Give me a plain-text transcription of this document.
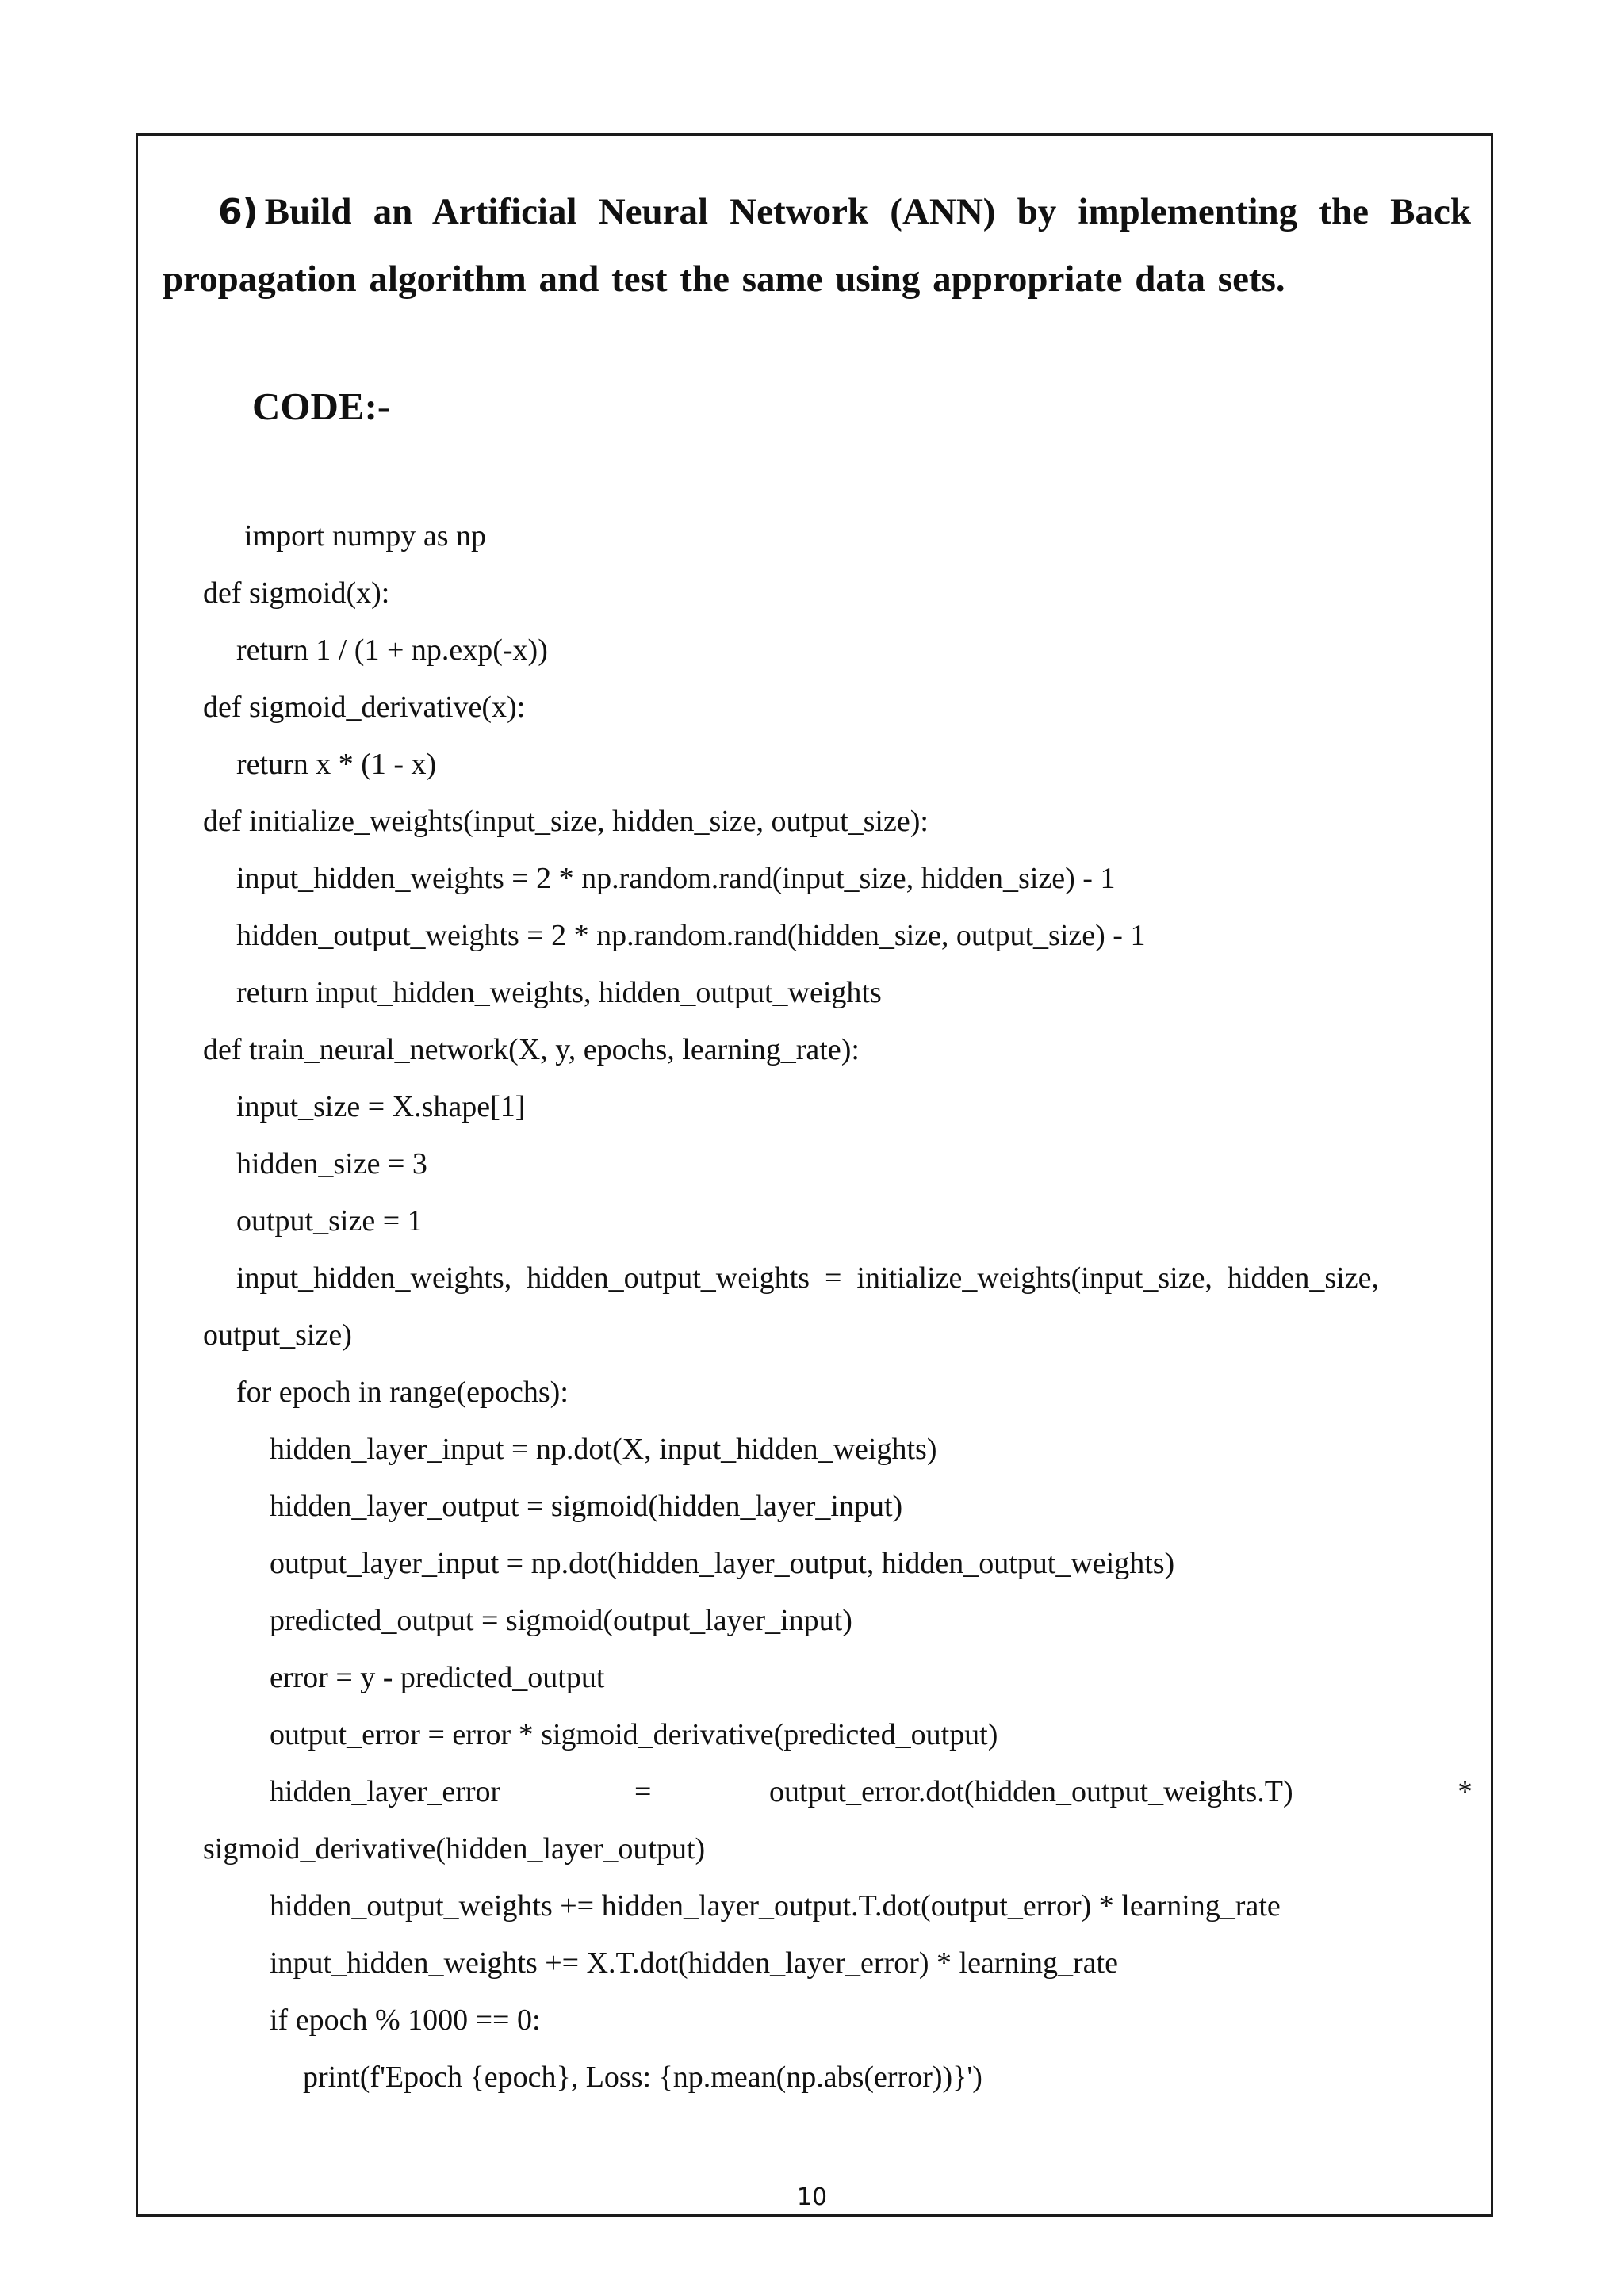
6) Build an Artificial Neural Network (ANN) by implementing the Back propagation algorithm and test the same using appropriate data sets.
CODE:-
import numpy as np
def sigmoid(x):
return 1 / (1 + np.exp(-x))
def sigmoid_derivative(x):
return x * (1 - x)
def initialize_weights(input_size, hidden_size, output_size):
input_hidden_weights = 2 * np.random.rand(input_size, hidden_size) - 1
hidden_output_weights = 2 * np.random.rand(hidden_size, output_size) - 1
return input_hidden_weights, hidden_output_weights
def train_neural_network(X, y, epochs, learning_rate):
input_size = X.shape[1]
hidden_size = 3
output_size = 1
input_hidden_weights,  hidden_output_weights  =  initialize_weights(input_size,  hidden_size,
output_size)
for epoch in range(epochs):
hidden_layer_input = np.dot(X, input_hidden_weights)
hidden_layer_output = sigmoid(hidden_layer_input)
output_layer_input = np.dot(hidden_layer_output, hidden_output_weights)
predicted_output = sigmoid(output_layer_input)
error = y - predicted_output
output_error = error * sigmoid_derivative(predicted_output)
hidden_layer_error	=	output_error.dot(hidden_output_weights.T)	*
sigmoid_derivative(hidden_layer_output)
hidden_output_weights += hidden_layer_output.T.dot(output_error) * learning_rate
input_hidden_weights += X.T.dot(hidden_layer_error) * learning_rate
if epoch % 1000 == 0:
print(f'Epoch {epoch}, Loss: {np.mean(np.abs(error))}')
10
